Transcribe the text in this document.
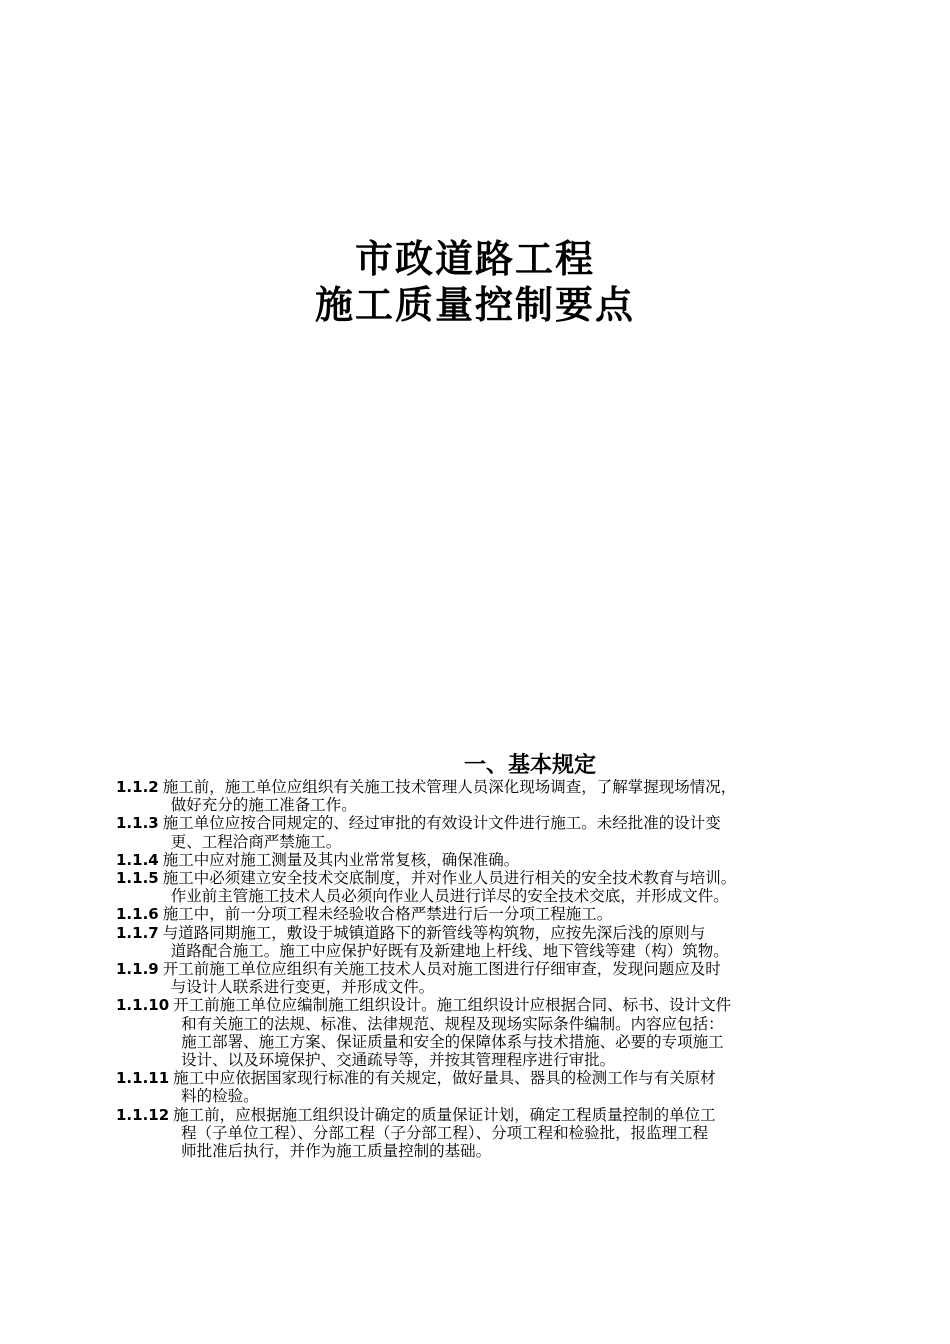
市政道路工程
施工质量控制要点
一、基本规定
1.1.2 施工前，施工单位应组织有关施工技术管理人员深化现场调查，了解掌握现场情况，
做好充分的施工准备工作。
1.1.3 施工单位应按合同规定的、经过审批的有效设计文件进行施工。未经批准的设计变
更、工程洽商严禁施工。
1.1.4 施工中应对施工测量及其内业常常复核，确保准确。
1.1.5 施工中必须建立安全技术交底制度，并对作业人员进行相关的安全技术教育与培训。
作业前主管施工技术人员必须向作业人员进行详尽的安全技术交底，并形成文件。
1.1.6 施工中，前一分项工程未经验收合格严禁进行后一分项工程施工。
1.1.7 与道路同期施工，敷设于城镇道路下的新管线等构筑物，应按先深后浅的原则与
道路配合施工。施工中应保护好既有及新建地上杆线、地下管线等建（构）筑物。
1.1.9 开工前施工单位应组织有关施工技术人员对施工图进行仔细审查，发现问题应及时
与设计人联系进行变更，并形成文件。
1.1.10 开工前施工单位应编制施工组织设计。施工组织设计应根据合同、标书、设计文件
和有关施工的法规、标准、法律规范、规程及现场实际条件编制。内容应包括：
施工部署、施工方案、保证质量和安全的保障体系与技术措施、必要的专项施工
设计、以及环境保护、交通疏导等，并按其管理程序进行审批。
1.1.11 施工中应依据国家现行标准的有关规定，做好量具、器具的检测工作与有关原材
料的检验。
1.1.12 施工前，应根据施工组织设计确定的质量保证计划，确定工程质量控制的单位工
程（子单位工程）、分部工程（子分部工程）、分项工程和检验批，报监理工程
师批准后执行，并作为施工质量控制的基础。
